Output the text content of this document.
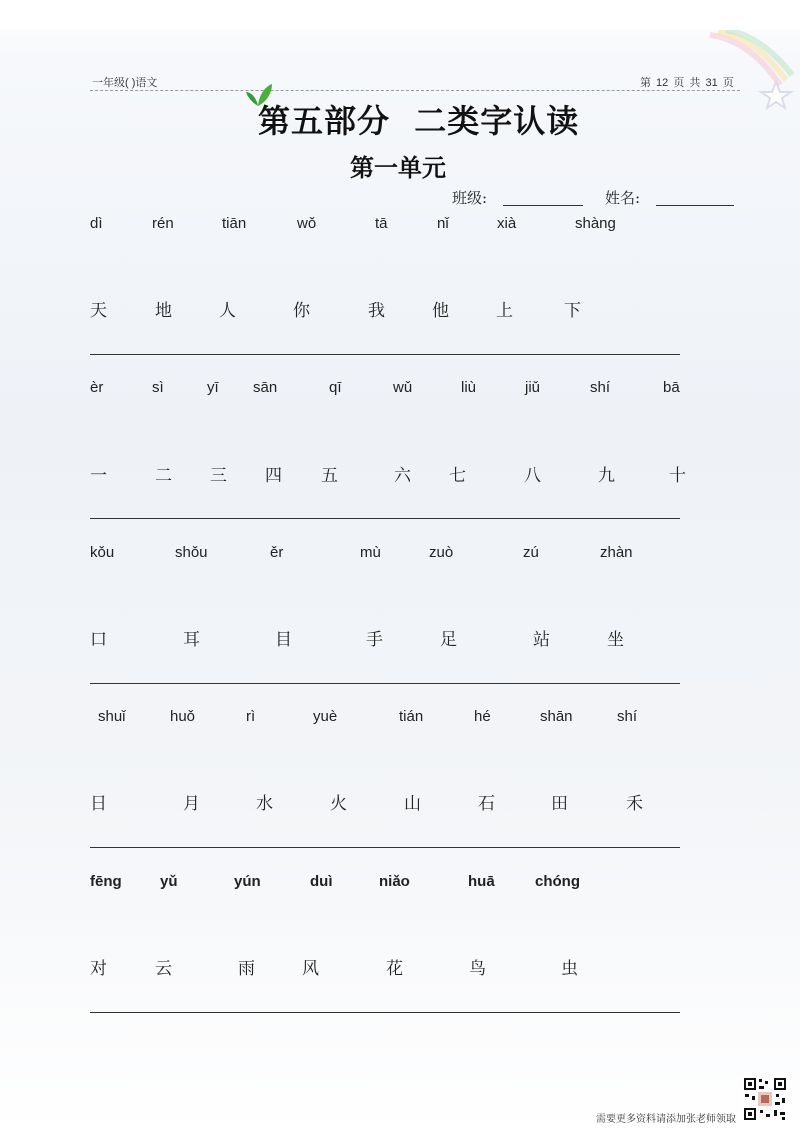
一年级( )语文	第 12 页 共 31 页
第五部分  二类字认读
第一单元
班级:	姓名:
dì	rén	tiān	wǒ	tā	nǐ	xià	shàng
天	地	人	你	我	他	上	下
èr	sì	yī sān	qī	wǔ	liù	jiǔ	shí	bā
一	二 三 四 五	六 七	八	九	十
kǒu	shǒu	ěr	mù	zuò	zú	zhàn
口	耳	目	手	足	站	坐
shuǐ	huǒ	rì	yuè	tián	hé	shān	shí
日	月	水	火	山	石	田	禾
fēng	yǔ	yún	duì	niǎo	huā	chóng
对	云	雨	风	花	鸟	虫
需要更多资料请添加张老师领取
